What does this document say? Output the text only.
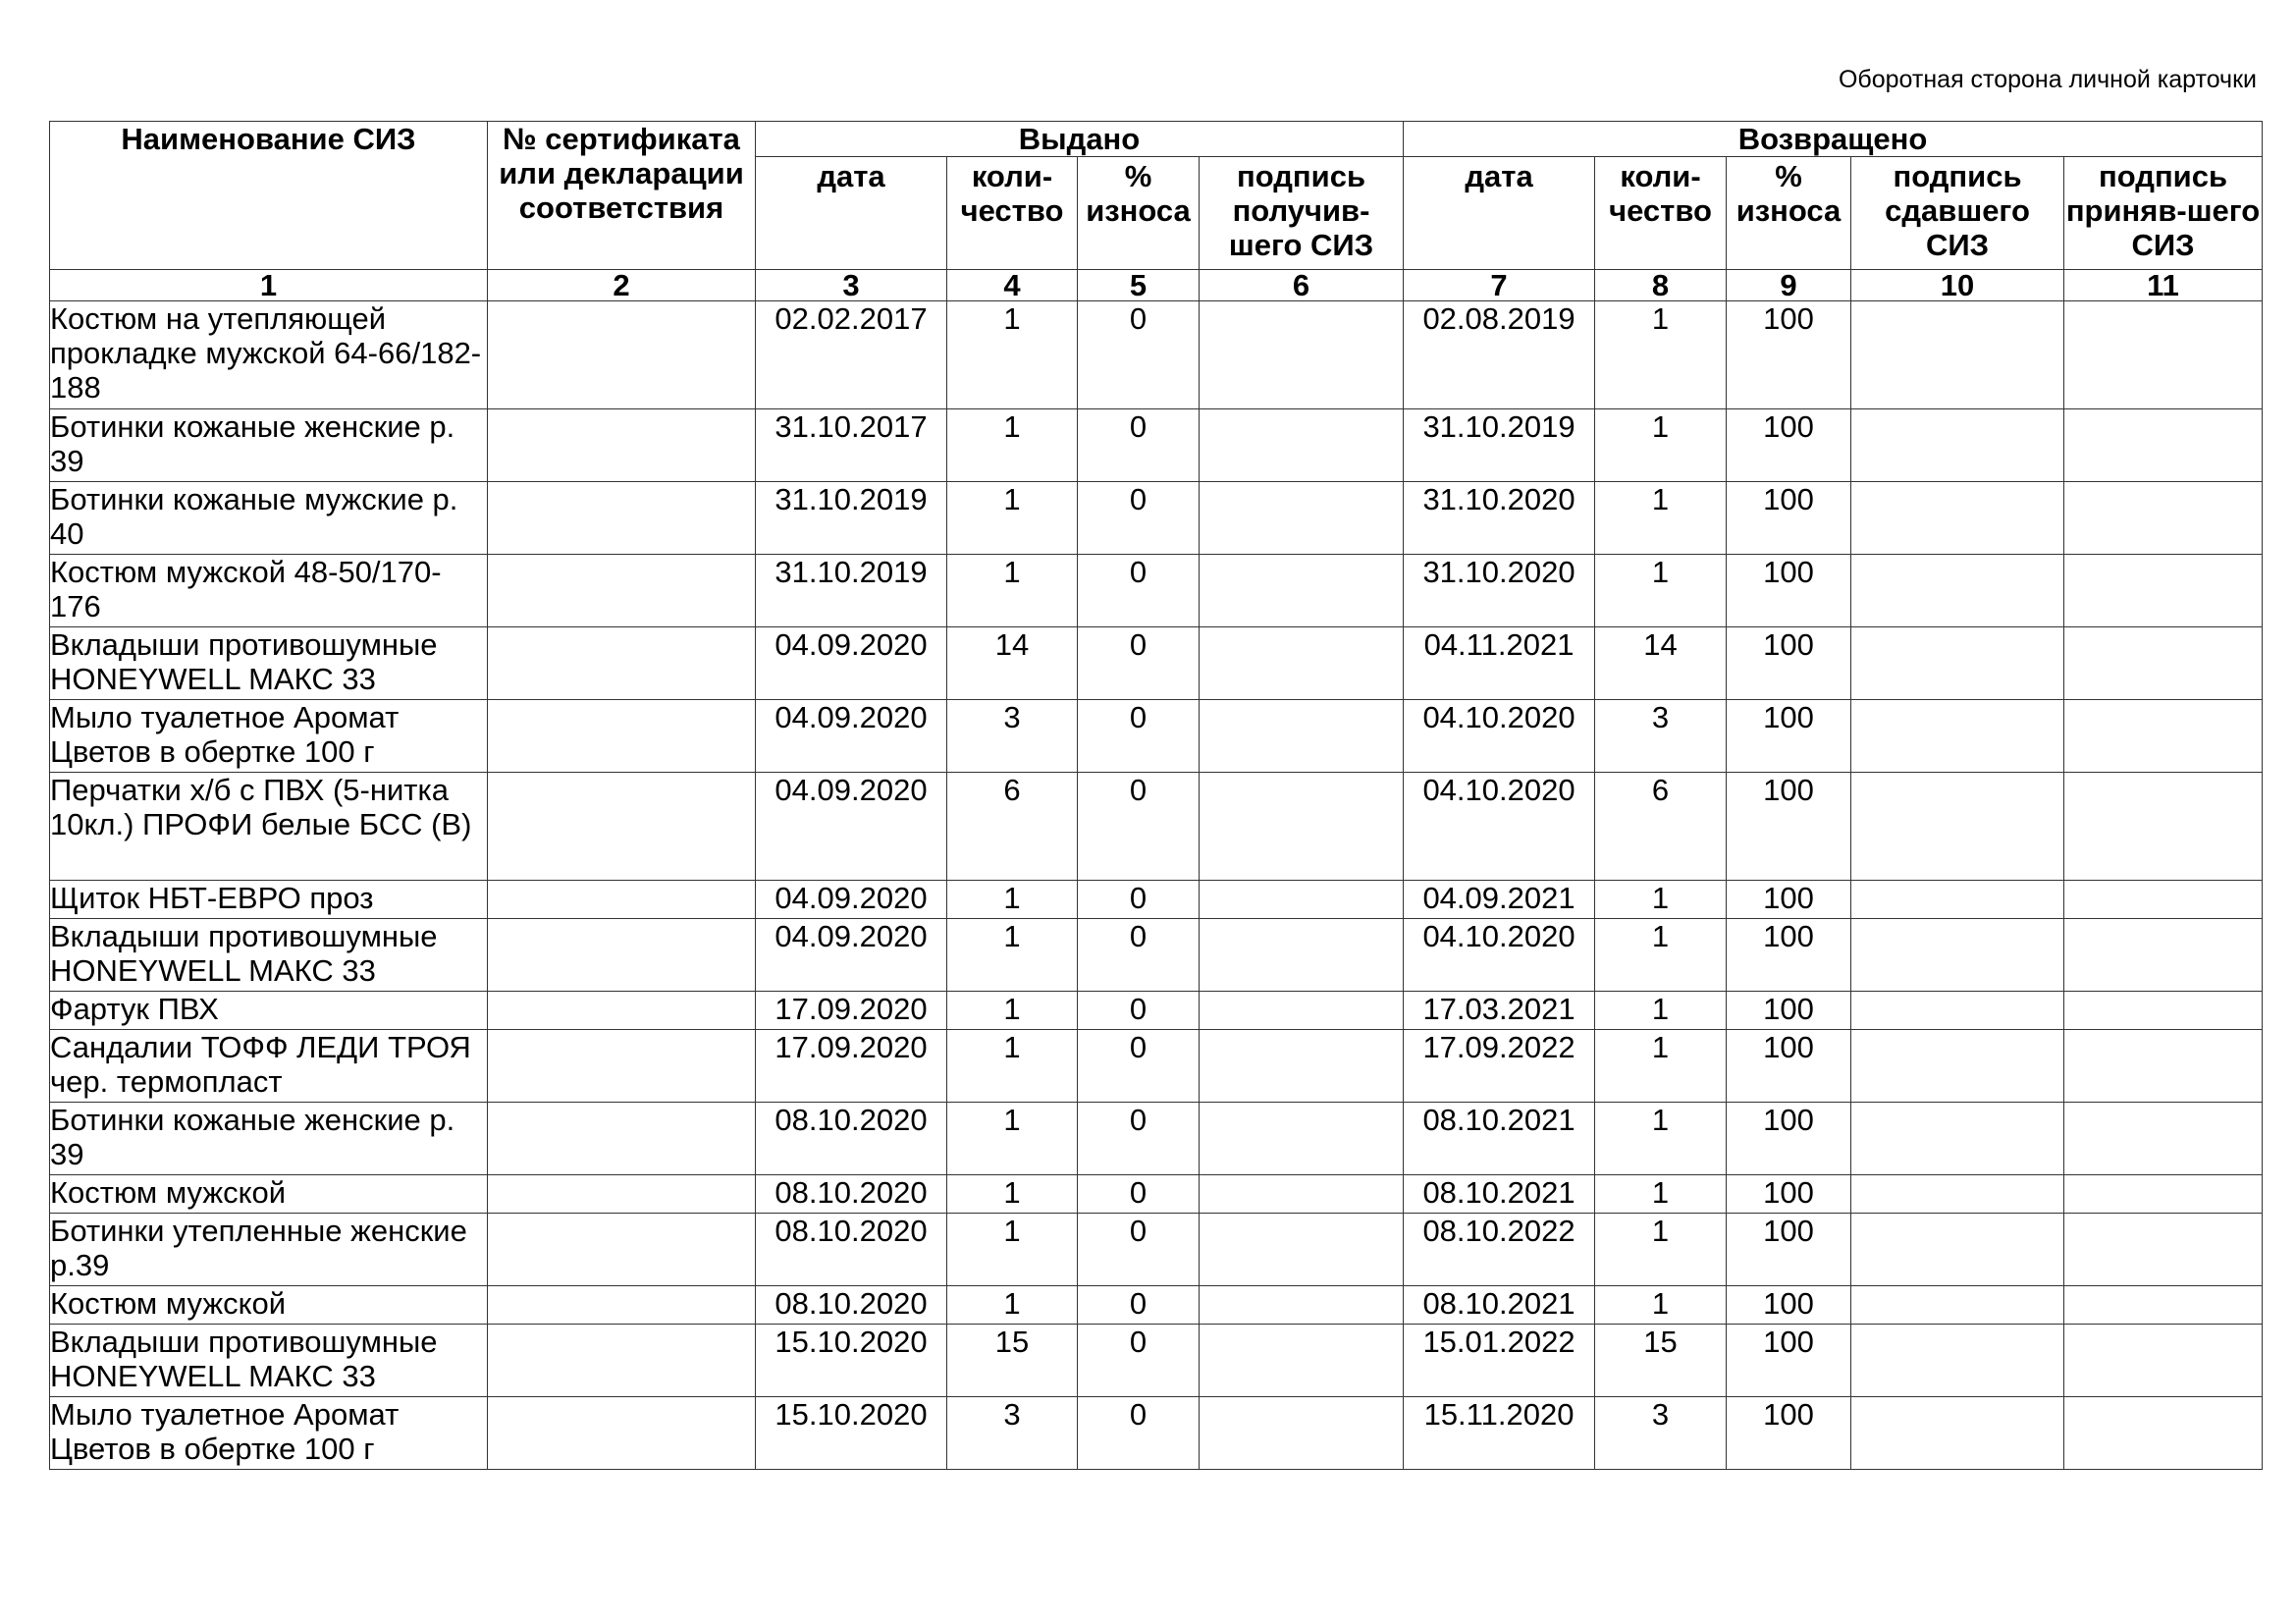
Оборотная сторона личной карточки
Наименование СИЗ	№ сертификата или декларации соответствия	Выдано				Возвращено				
		дата	коли-чество	% износа	подпись получив-шего СИЗ	дата	коли-чество	% износа	подпись сдавшего СИЗ	подпись приняв-шего СИЗ
1	2	3	4	5	6	7	8	9	10	11
Костюм на утепляющей прокладке мужской 64-66/182-188		02.02.2017	1	0		02.08.2019	1	100		
Ботинки кожаные женские р. 39		31.10.2017	1	0		31.10.2019	1	100		
Ботинки кожаные мужские р. 40		31.10.2019	1	0		31.10.2020	1	100		
Костюм мужской 48-50/170-176		31.10.2019	1	0		31.10.2020	1	100		
Вкладыши противошумные HONEYWELL МАКС 33		04.09.2020	14	0		04.11.2021	14	100		
Мыло туалетное Аромат Цветов в обертке 100 г		04.09.2020	3	0		04.10.2020	3	100		
Перчатки х/б с ПВХ (5-нитка 10кл.) ПРОФИ белые БСС (В)		04.09.2020	6	0		04.10.2020	6	100		
Щиток НБТ-ЕВРО проз		04.09.2020	1	0		04.09.2021	1	100		
Вкладыши противошумные HONEYWELL МАКС 33		04.09.2020	1	0		04.10.2020	1	100		
Фартук ПВХ		17.09.2020	1	0		17.03.2021	1	100		
Сандалии ТОФФ ЛЕДИ ТРОЯ чер. термопласт		17.09.2020	1	0		17.09.2022	1	100		
Ботинки кожаные женские р. 39		08.10.2020	1	0		08.10.2021	1	100		
Костюм мужской		08.10.2020	1	0		08.10.2021	1	100		
Ботинки утепленные женские р.39		08.10.2020	1	0		08.10.2022	1	100		
Костюм мужской		08.10.2020	1	0		08.10.2021	1	100		
Вкладыши противошумные HONEYWELL МАКС 33		15.10.2020	15	0		15.01.2022	15	100		
Мыло туалетное Аромат Цветов в обертке 100 г		15.10.2020	3	0		15.11.2020	3	100		
